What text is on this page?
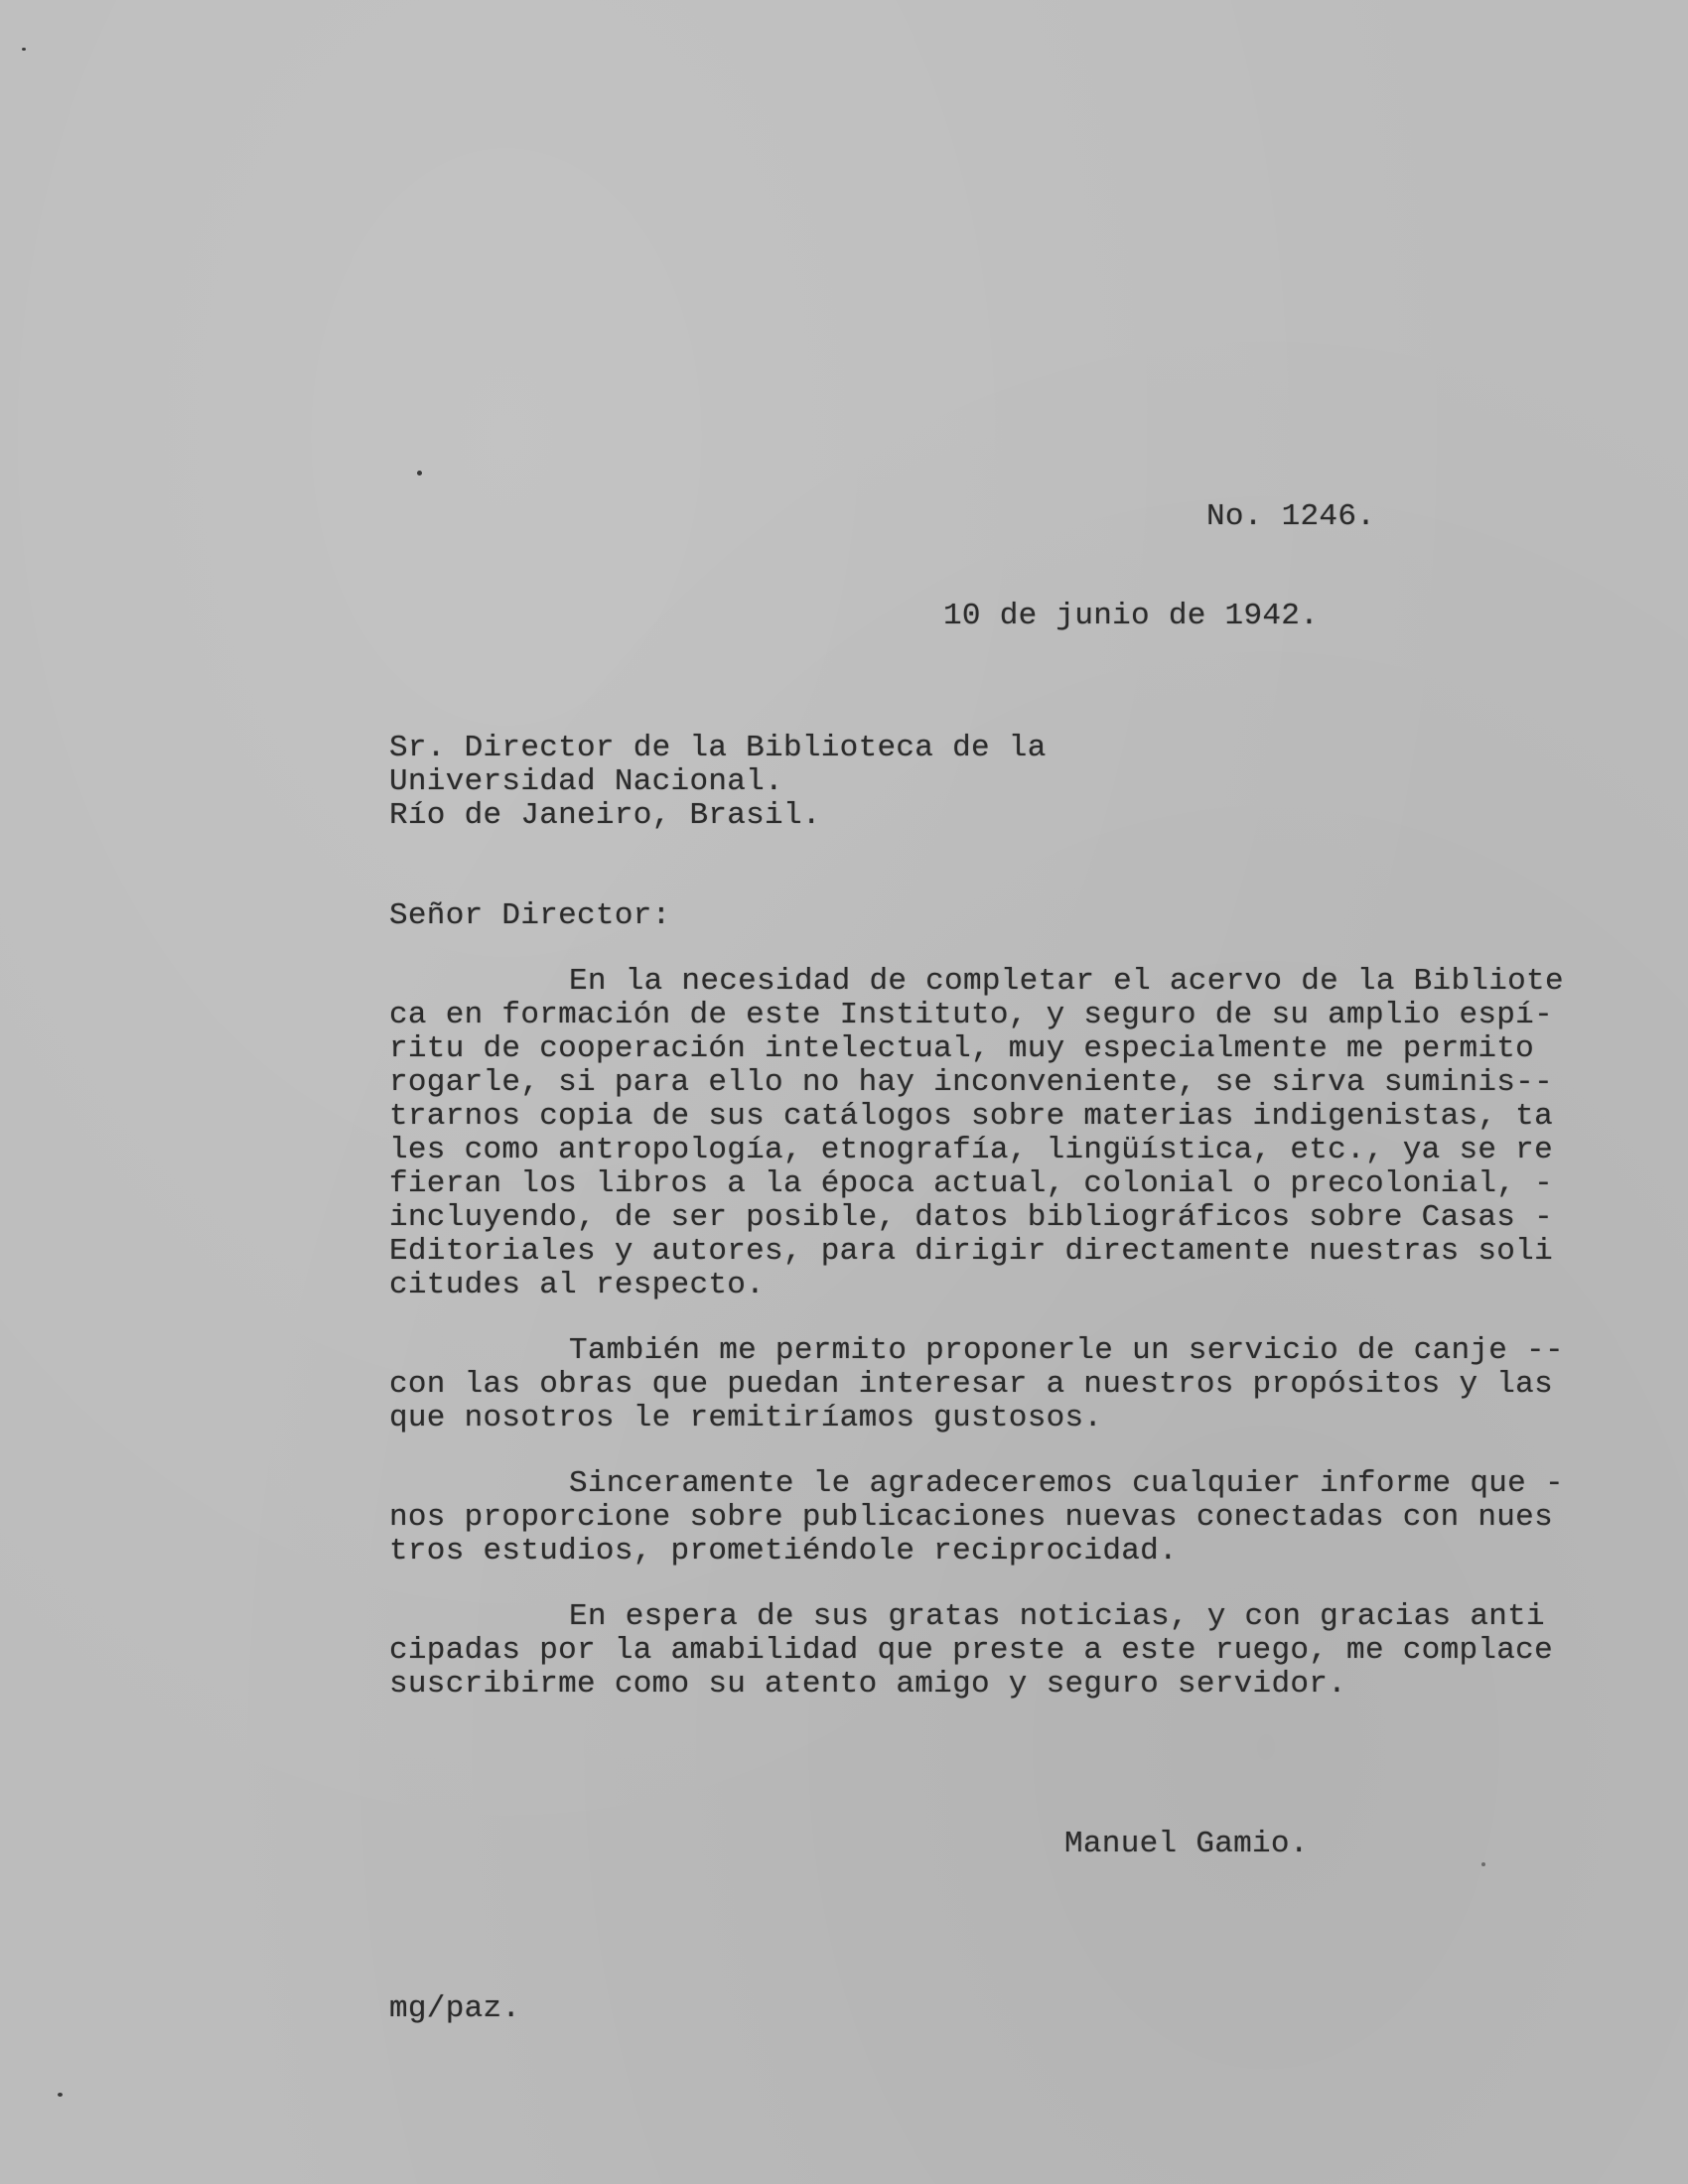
No. 1246.
10 de junio de 1942.
Sr. Director de la Biblioteca de la
Universidad Nacional.
Río de Janeiro, Brasil.
Señor Director:
En la necesidad de completar el acervo de la Bibliote
ca en formación de este Instituto, y seguro de su amplio espí-
ritu de cooperación intelectual, muy especialmente me permito
rogarle, si para ello no hay inconveniente, se sirva suminis--
trarnos copia de sus catálogos sobre materias indigenistas, ta
les como antropología, etnografía, lingüística, etc., ya se re
fieran los libros a la época actual, colonial o precolonial, -
incluyendo, de ser posible, datos bibliográficos sobre Casas -
Editoriales y autores, para dirigir directamente nuestras soli
citudes al respecto.
También me permito proponerle un servicio de canje --
con las obras que puedan interesar a nuestros propósitos y las
que nosotros le remitiríamos gustosos.
Sinceramente le agradeceremos cualquier informe que -
nos proporcione sobre publicaciones nuevas conectadas con nues
tros estudios, prometiéndole reciprocidad.
En espera de sus gratas noticias, y con gracias anti
cipadas por la amabilidad que preste a este ruego, me complace
suscribirme como su atento amigo y seguro servidor.
Manuel Gamio.
mg/paz.
